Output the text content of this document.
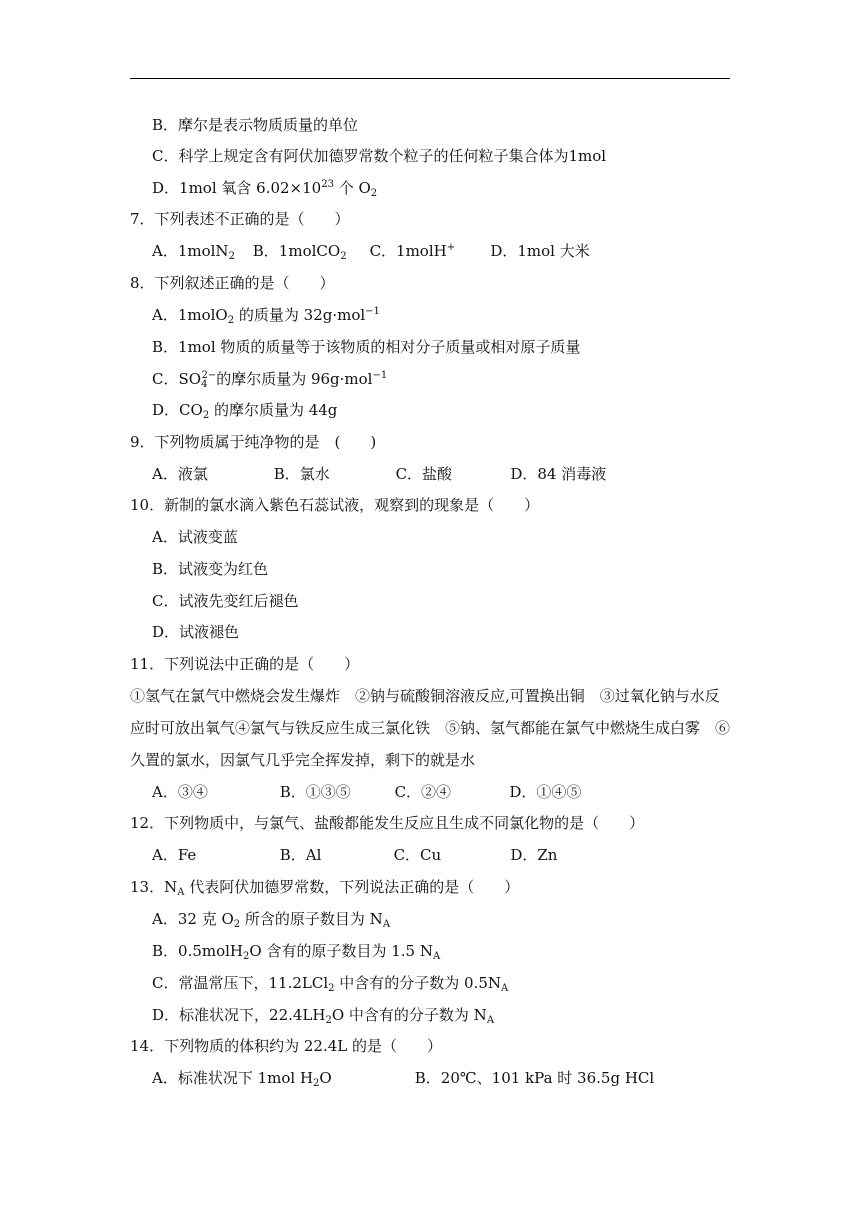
B．摩尔是表示物质质量的单位
C．科学上规定含有阿伏加德罗常数个粒子的任何粒子集合体为1mol
D．1mol 氧含 $6.02\times 10^{23}$ 个 $O_2$
7．下列表述不正确的是（　　）
A．1molN$_2$ B．1molCO$_2$ C．1molH+ D．1mol 大米
8．下列叙述正确的是（　　）
A．1molO$_2$ 的质量为 32g·mol$^{-1}$
B．1mol 物质的质量等于该物质的相对分子质量或相对原子质量
C．$SO_4^{2-}$的摩尔质量为 96g·mol$^{-1}$
D．$CO_2$ 的摩尔质量为 44g
9．下列物质属于纯净物的是　(　　)
A．液氯	B．氯水	C．盐酸	D．84 消毒液
10．新制的氯水滴入紫色石蕊试液，观察到的现象是（　　）
A．试液变蓝
B．试液变为红色
C．试液先变红后褪色
D．试液褪色
11．下列说法中正确的是（　　）
①氢气在氯气中燃烧会发生爆炸　②钠与硫酸铜溶液反应,可置换出铜　③过氧化钠与水反
应时可放出氧气④氯气与铁反应生成三氯化铁　⑤钠、氢气都能在氯气中燃烧生成白雾　⑥
久置的氯水，因氯气几乎完全挥发掉，剩下的就是水
A．③④	B．①③⑤	C．②④	D．①④⑤
12．下列物质中，与氯气、盐酸都能发生反应且生成不同氯化物的是（　　）
A．Fe	B．Al	C．Cu	D．Zn
13．$N_A$ 代表阿伏加德罗常数，下列说法正确的是（　　）
A．32 克 $O_2$ 所含的原子数目为 $N_A$
B．0.5molH$_2$O 含有的原子数目为 1.5 $N_A$
C．常温常压下，11.2LCl$_2$ 中含有的分子数为 $0.5N_A$
D．标准状况下，$22.4LH_2O$ 中含有的分子数为 $N_A$
14．下列物质的体积约为 22.4L 的是（　　）
A．标准状况下 1mol $H_2O$	B．20℃、101 kPa 时 36.5g HCl
